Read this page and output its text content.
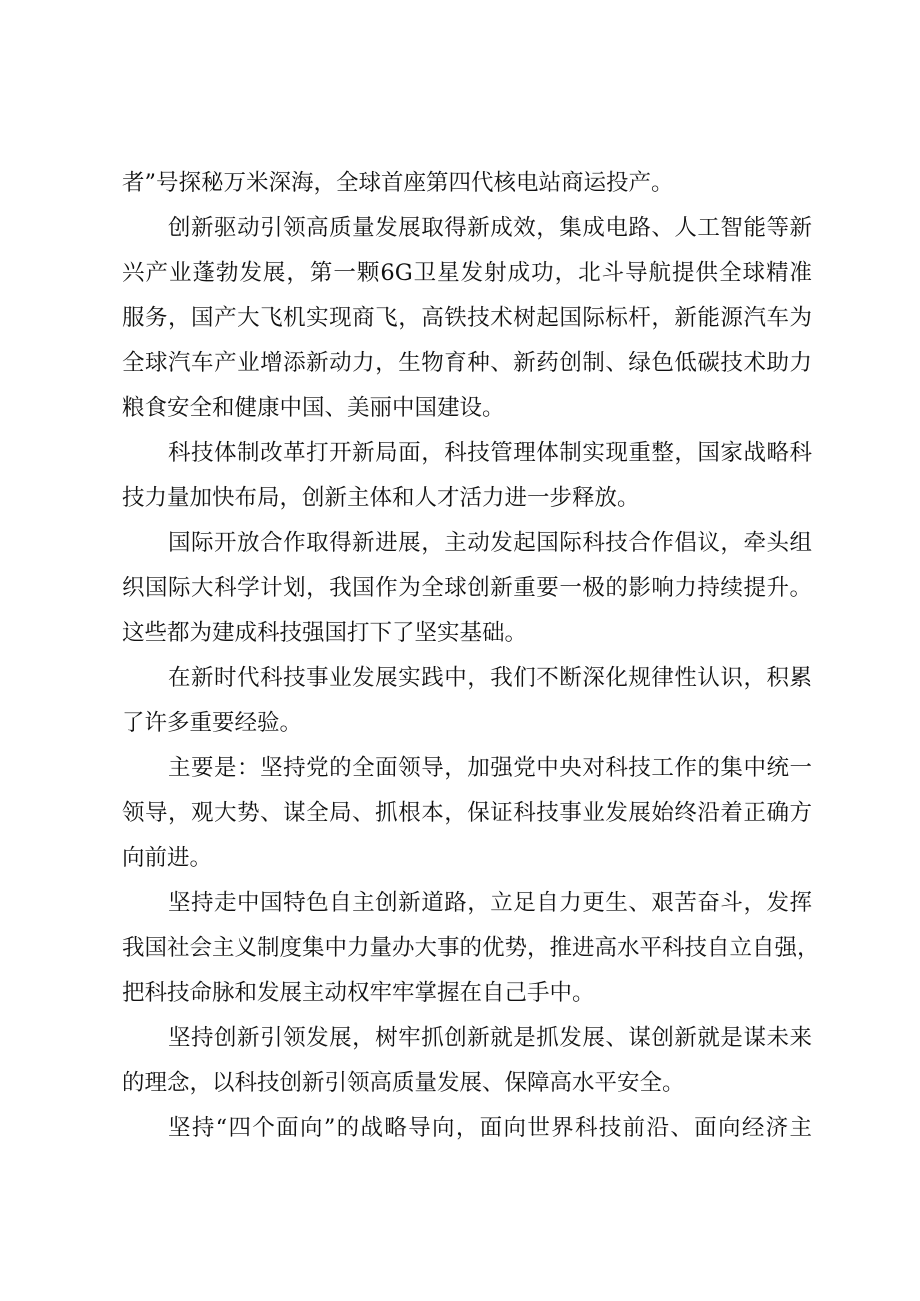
者”号探秘万米深海，全球首座第四代核电站商运投产。
创新驱动引领高质量发展取得新成效，集成电路、人工智能等新
兴产业蓬勃发展，第一颗6G卫星发射成功，北斗导航提供全球精准
服务，国产大飞机实现商飞，高铁技术树起国际标杆，新能源汽车为
全球汽车产业增添新动力，生物育种、新药创制、绿色低碳技术助力
粮食安全和健康中国、美丽中国建设。
科技体制改革打开新局面，科技管理体制实现重整，国家战略科
技力量加快布局，创新主体和人才活力进一步释放。
国际开放合作取得新进展，主动发起国际科技合作倡议，牵头组
织国际大科学计划，我国作为全球创新重要一极的影响力持续提升。
这些都为建成科技强国打下了坚实基础。
在新时代科技事业发展实践中，我们不断深化规律性认识，积累
了许多重要经验。
主要是：坚持党的全面领导，加强党中央对科技工作的集中统一
领导，观大势、谋全局、抓根本，保证科技事业发展始终沿着正确方
向前进。
坚持走中国特色自主创新道路，立足自力更生、艰苦奋斗，发挥
我国社会主义制度集中力量办大事的优势，推进高水平科技自立自强，
把科技命脉和发展主动权牢牢掌握在自己手中。
坚持创新引领发展，树牢抓创新就是抓发展、谋创新就是谋未来
的理念，以科技创新引领高质量发展、保障高水平安全。
坚持“四个面向”的战略导向，面向世界科技前沿、面向经济主
